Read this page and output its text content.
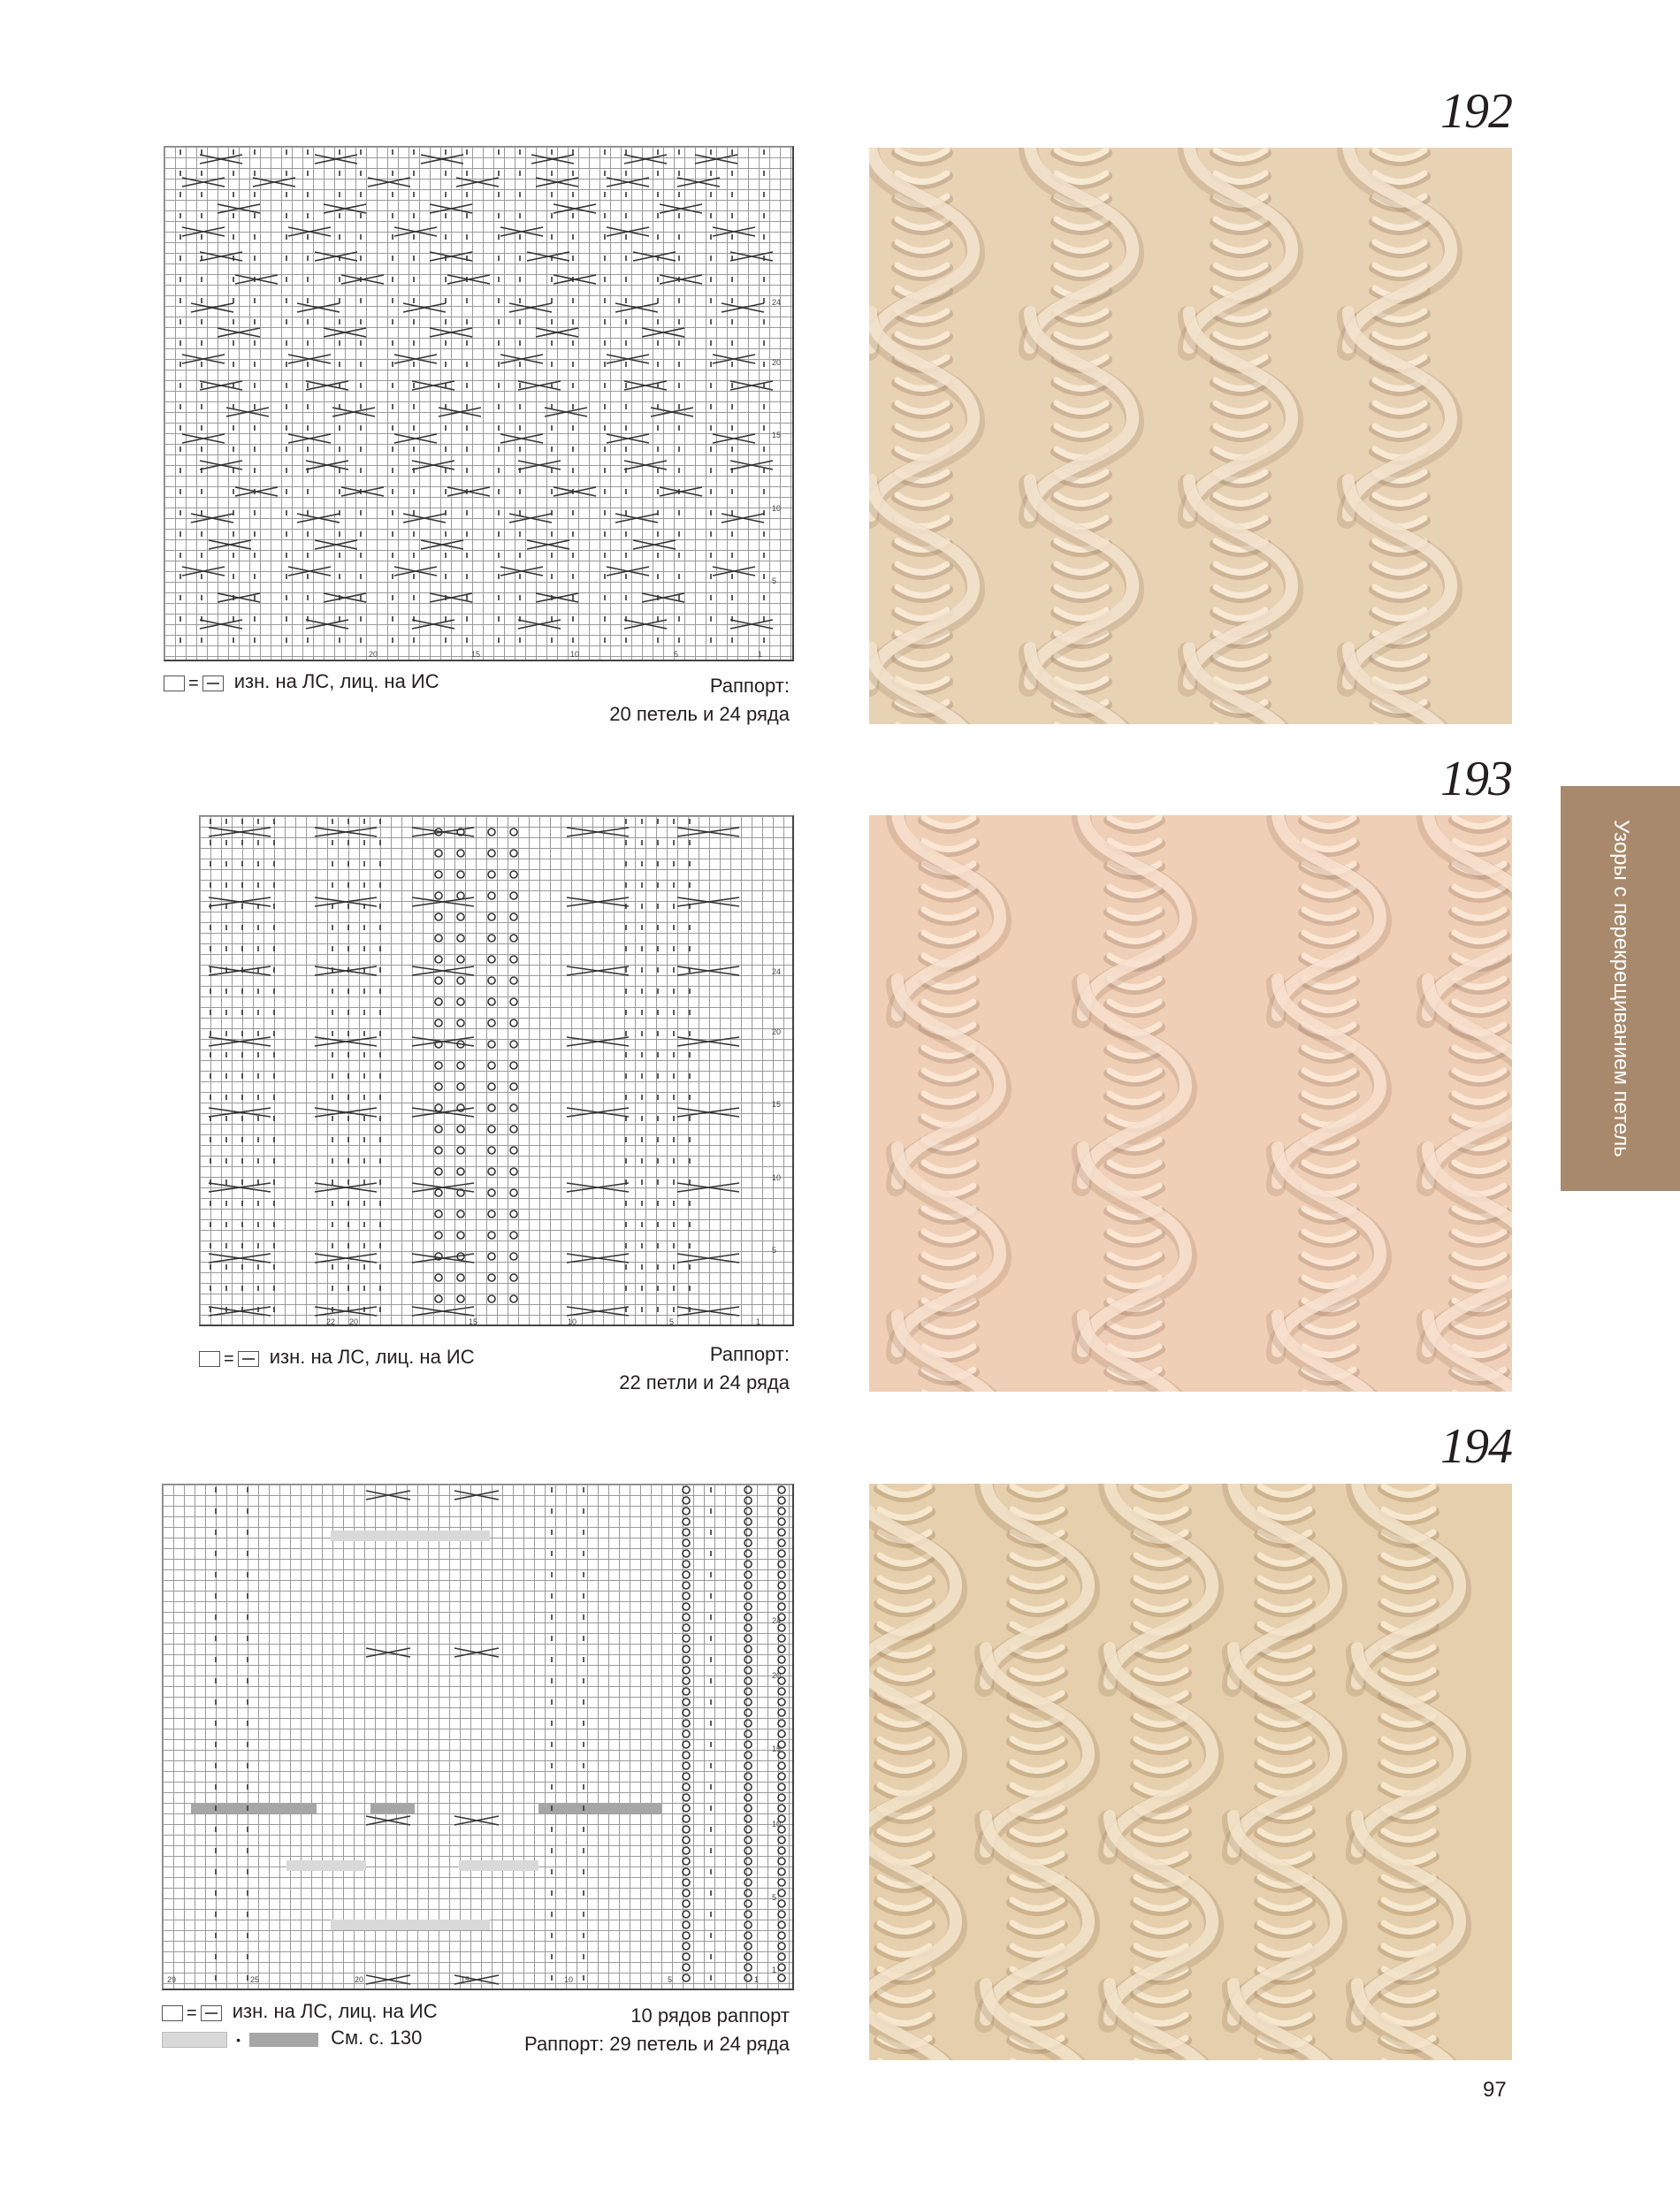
192
20	15	10	5	1
24
20
15
10
5
= изн. на ЛС, лиц. на ИС	Раппорт:
20 петель и 24 ряда
193
22 20	15	10	5	1
24
20
15
10
5
= изн. на ЛС, лиц. на ИС	Раппорт:
22 петли и 24 ряда
194
29	25	20	15	10	5	1
24
20
15
10
5
1
= изн. на ЛС, лиц. на ИС
•	См. с. 130
10 рядов раппорт
Раппорт: 29 петель и 24 ряда
Узоры с перекрещиванием петель
97
